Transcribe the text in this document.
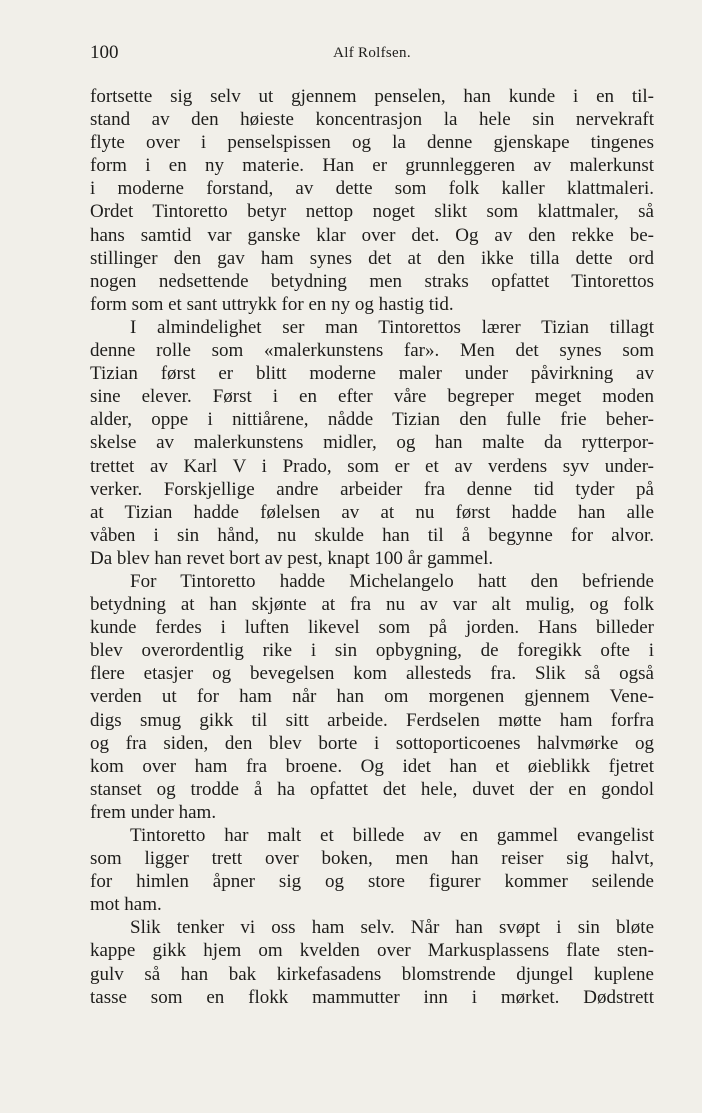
100	Alf Rolfsen.
fortsette sig selv ut gjennem penselen, han kunde i en til-
stand av den høieste koncentrasjon la hele sin nervekraft
flyte over i penselspissen og la denne gjenskape tingenes
form i en ny materie. Han er grunnleggeren av malerkunst
i moderne forstand, av dette som folk kaller klattmaleri.
Ordet Tintoretto betyr nettop noget slikt som klattmaler, så
hans samtid var ganske klar over det. Og av den rekke be-
stillinger den gav ham synes det at den ikke tilla dette ord
nogen nedsettende betydning men straks opfattet Tintorettos
form som et sant uttrykk for en ny og hastig tid.
I almindelighet ser man Tintorettos lærer Tizian tillagt
denne rolle som «malerkunstens far». Men det synes som
Tizian først er blitt moderne maler under påvirkning av
sine elever. Først i en efter våre begreper meget moden
alder, oppe i nittiårene, nådde Tizian den fulle frie beher-
skelse av malerkunstens midler, og han malte da rytterpor-
trettet av Karl V i Prado, som er et av verdens syv under-
verker. Forskjellige andre arbeider fra denne tid tyder på
at Tizian hadde følelsen av at nu først hadde han alle
våben i sin hånd, nu skulde han til å begynne for alvor.
Da blev han revet bort av pest, knapt 100 år gammel.
For Tintoretto hadde Michelangelo hatt den befriende
betydning at han skjønte at fra nu av var alt mulig, og folk
kunde ferdes i luften likevel som på jorden. Hans billeder
blev overordentlig rike i sin opbygning, de foregikk ofte i
flere etasjer og bevegelsen kom allesteds fra. Slik så også
verden ut for ham når han om morgenen gjennem Vene-
digs smug gikk til sitt arbeide. Ferdselen møtte ham forfra
og fra siden, den blev borte i sottoporticoenes halvmørke og
kom over ham fra broene. Og idet han et øieblikk fjetret
stanset og trodde å ha opfattet det hele, duvet der en gondol
frem under ham.
Tintoretto har malt et billede av en gammel evangelist
som ligger trett over boken, men han reiser sig halvt,
for himlen åpner sig og store figurer kommer seilende
mot ham.
Slik tenker vi oss ham selv. Når han svøpt i sin bløte
kappe gikk hjem om kvelden over Markusplassens flate sten-
gulv så han bak kirkefasadens blomstrende djungel kuplene
tasse som en flokk mammutter inn i mørket. Dødstrett
